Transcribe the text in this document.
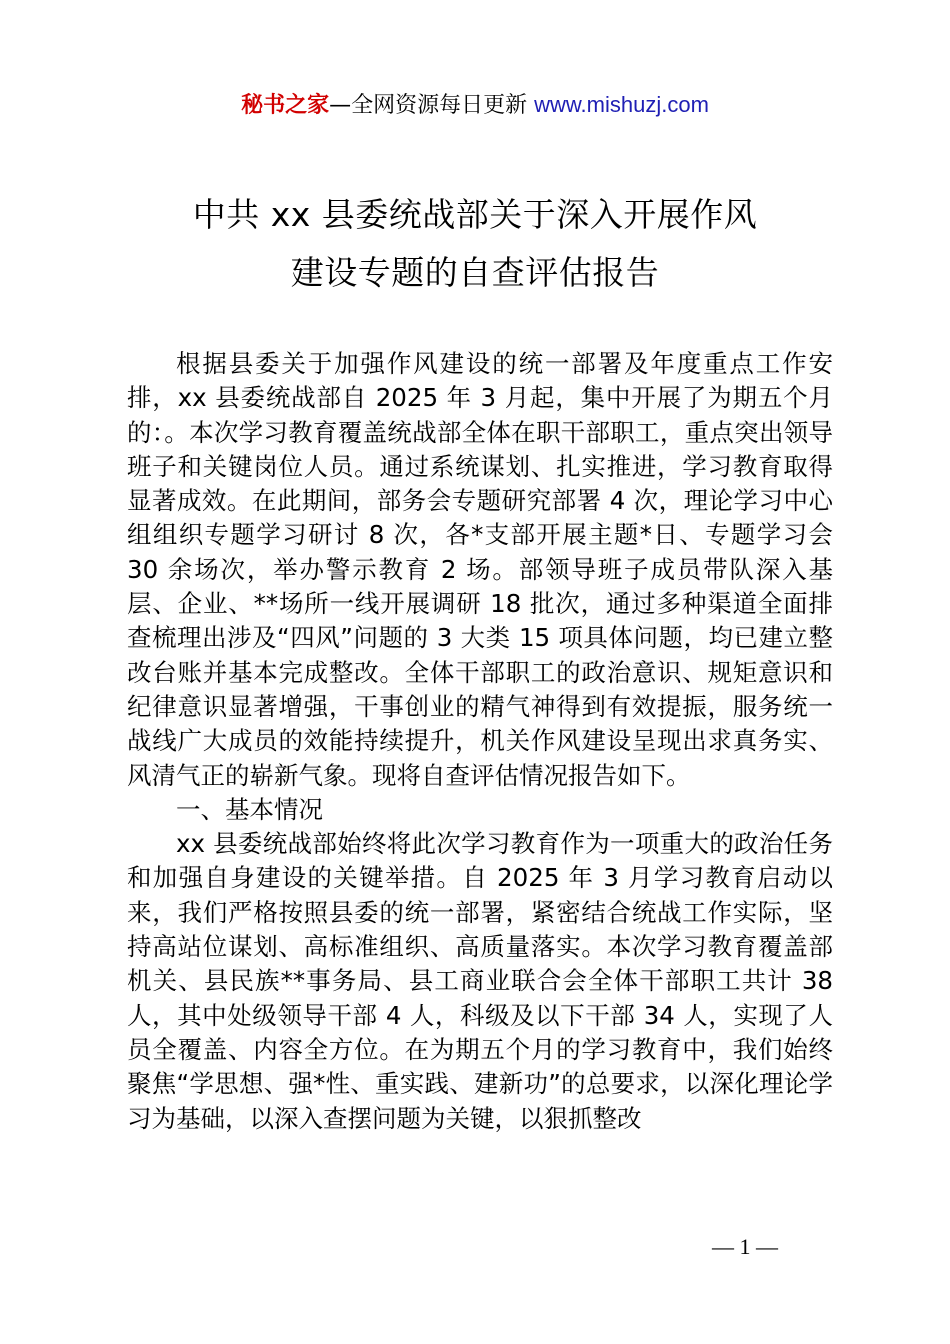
秘书之家—全网资源每日更新 www.mishuzj.com
中共 xx 县委统战部关于深入开展作风
建设专题的自查评估报告

根据县委关于加强作风建设的统一部署及年度重点工作安排，xx 县委统战部自 2025 年 3 月起，集中开展了为期五个月的：。本次学习教育覆盖统战部全体在职干部职工，重点突出领导班子和关键岗位人员。通过系统谋划、扎实推进，学习教育取得显著成效。在此期间，部务会专题研究部署 4 次，理论学习中心组组织专题学习研讨 8 次，各*支部开展主题*日、专题学习会 30 余场次，举办警示教育 2 场。部领导班子成员带队深入基层、企业、**场所一线开展调研 18 批次，通过多种渠道全面排查梳理出涉及“四风”问题的 3 大类 15 项具体问题，均已建立整改台账并基本完成整改。全体干部职工的政治意识、规矩意识和纪律意识显著增强，干事创业的精气神得到有效提振，服务统一战线广大成员的效能持续提升，机关作风建设呈现出求真务实、风清气正的崭新气象。现将自查评估情况报告如下。

一、基本情况

xx 县委统战部始终将此次学习教育作为一项重大的政治任务和加强自身建设的关键举措。自 2025 年 3 月学习教育启动以来，我们严格按照县委的统一部署，紧密结合统战工作实际，坚持高站位谋划、高标准组织、高质量落实。本次学习教育覆盖部机关、县民族**事务局、县工商业联合会全体干部职工共计 38 人，其中处级领导干部 4 人，科级及以下干部 34 人，实现了人员全覆盖、内容全方位。在为期五个月的学习教育中，我们始终聚焦“学思想、强*性、重实践、建新功”的总要求，以深化理论学习为基础，以深入查摆问题为关键，以狠抓整改

— 1 —
